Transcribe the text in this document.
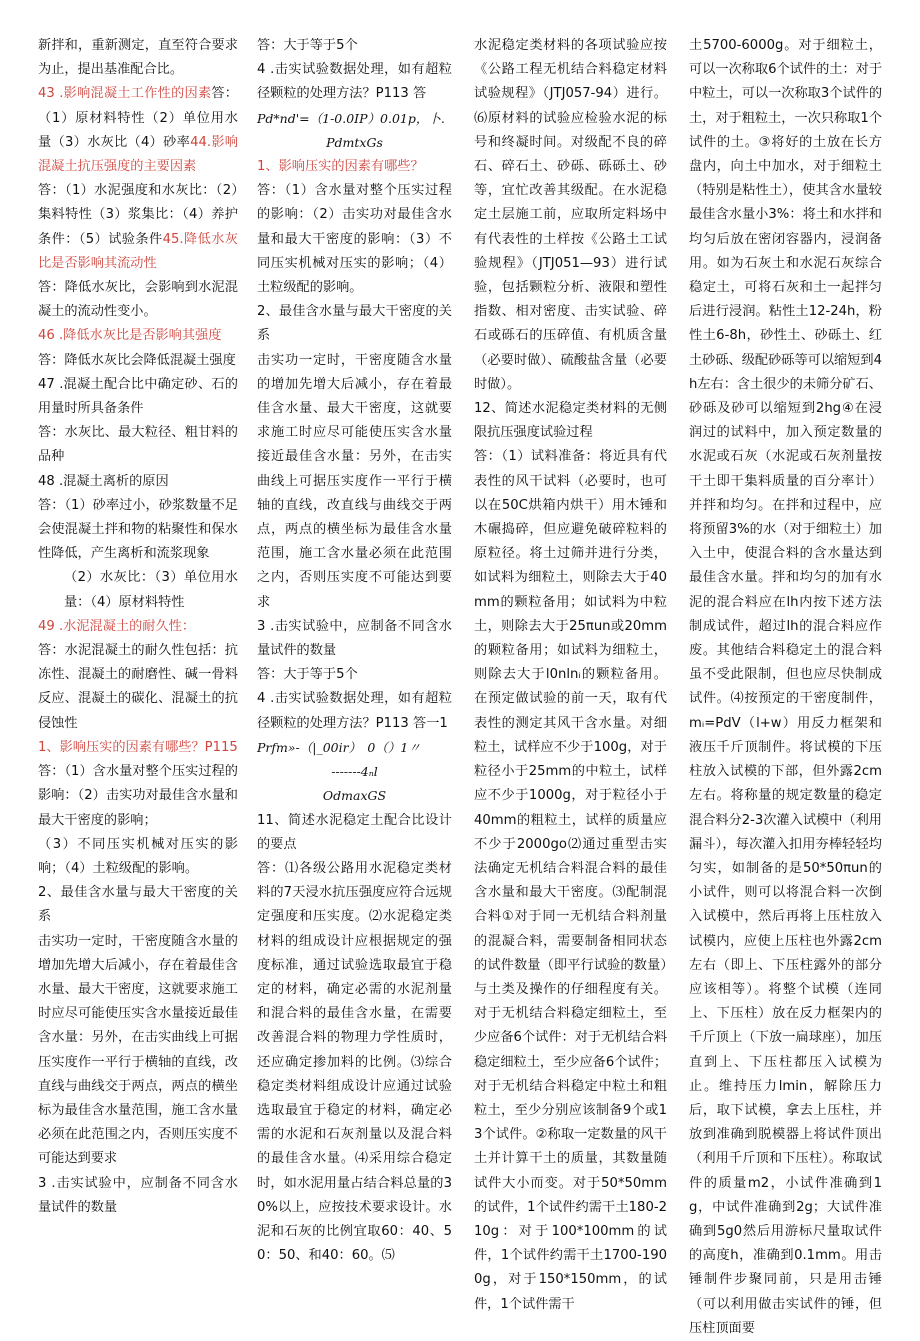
新拌和，重新测定，直至符合要求为止，提出基准配合比。

43 .影响混凝土工作性的因素答：（1）原材料特性（2）单位用水量（3）水灰比（4）砂率44.影响混凝土抗压强度的主要因素

答：（1）水泥强度和水灰比：（2）集料特性（3）浆集比：（4）养护条件：（5）试验条件45.降低水灰比是否影响其流动性

答：降低水灰比，会影响到水泥混凝土的流动性变小。

46 .降低水灰比是否影响其强度

答：降低水灰比会降低混凝土强度

47 .混凝土配合比中确定砂、石的用量时所具备条件

答：水灰比、最大粒径、粗甘料的品种

48 .混凝土离析的原因

答：（1）砂率过小，砂浆数量不足会使混凝土拌和物的粘聚性和保水性降低，产生离析和流浆现象

（2）水灰比：（3）单位用水量：（4）原材料特性

49 .水泥混凝土的耐久性：

答：水泥混凝土的耐久性包括：抗冻性、混凝土的耐磨性、碱一骨料反应、混凝土的碳化、混凝土的抗侵蚀性

1、影响压实的因素有哪些？P115

答：（1）含水量对整个压实过程的影响：（2）击实功对最佳含水量和最大干密度的影响；

（3）不同压实机械对压实的影响；（4）土粒级配的影响。

2、最佳含水量与最大干密度的关系

击实功一定时，干密度随含水量的增加先增大后减小，存在着最佳含水量、最大干密度，这就要求施工时应尽可能使压实含水量接近最佳含水量：另外，在击实曲线上可据压实度作一平行于横轴的直线，改直线与曲线交于两点，两点的横坐标为最佳含水量范围，施工含水量必须在此范围之内，否则压实度不可能达到要求

3 .击实试验中，应制备不同含水量试件的数量

答：大于等于5个

4 .击实试验数据处理，如有超粒径颗粒的处理方法？P113 答

Pd*nd'=（1-0.0IP）0.01p，卜.

PdmtxGs

1、影响压实的因素有哪些？

答：（1）含水量对整个压实过程的影响：（2）击实功对最佳含水量和最大干密度的影响：（3）不同压实机械对压实的影响；（4）土粒级配的影响。

2、最佳含水量与最大干密度的关系

击实功一定时，干密度随含水量的增加先增大后减小，存在着最佳含水量、最大干密度，这就要求施工时应尽可能使压实含水量接近最佳含水量：另外，在击实曲线上可据压实度作一平行于横轴的直线，改直线与曲线交于两点，两点的横坐标为最佳含水量范围，施工含水量必须在此范围之内，否则压实度不可能达到要求

3 .击实试验中，应制备不同含水量试件的数量

答：大于等于5个

4 .击实试验数据处理，如有超粒径颗粒的处理方法？P113 答一1

Prfm»-（|_00ir）　0（）1〃

-------4ₙl

OdmaxGS

11、简述水泥稳定土配合比设计的要点

答：⑴各级公路用水泥稳定类材料的7天浸水抗压强度应符合远规定强度和压实度。⑵水泥稳定类材料的组成设计应根据规定的强度标准，通过试验选取最宜于稳定的材料，确定必需的水泥剂量和混合料的最佳含水量，在需要改善混合料的物理力学性质时，还应确定掺加料的比例。⑶综合稳定类材料组成设计应通过试验选取最宜于稳定的材料，确定必需的水泥和石灰剂量以及混合料的最佳含水量。⑷采用综合稳定时，如水泥用量占结合料总量的30%以上，应按技术要求设计。水泥和石灰的比例宜取60：40、50：50、和40：60。⑸

水泥稳定类材料的各项试验应按《公路工程无机结合料稳定材料试验规程》（JTJ057-94）进行。⑹原材料的试验应检验水泥的标号和终凝时间。对级配不良的碎石、碎石土、砂砾、砾砾土、砂等，宜忙改善其级配。在水泥稳定土层施工前，应取所定料场中有代表性的土样按《公路土工试验规程》（JTJ051—93）进行试验，包括颗粒分析、液限和塑性指数、相对密度、击实试验、碎石或砾石的压碎值、有机质含量（必要时做）、硫酸盐含量（必要时做）。

12、简述水泥稳定类材料的无侧限抗压强度试验过程

答：（1）试料准备：将近具有代表性的风干试料（必要时，也可以在50C烘箱内烘干）用木锤和木碾捣碎，但应避免破碎粒料的原粒径。将土过筛并进行分类，如试料为细粒土，则除去大于40mm的颗粒备用；如试料为中粒土，则除去大于25πun或20mm的颗粒备用；如试料为细粒土，则除去大于l0nlnᵢ的颗粒备用。在预定做试验的前一天，取有代表性的测定其风干含水量。对细粒土，试样应不少于100g，对于粒径小于25mm的中粒土，试样应不少于1000g，对于粒径小于40mm的粗粒土，试样的质量应不少于2000go⑵通过重型击实法确定无机结合料混合料的最佳含水量和最大干密度。⑶配制混合料①对于同一无机结合料剂量的混凝合料，需要制备相同状态的试件数量（即平行试验的数量）与土类及操作的仔细程度有关。对于无机结合料稳定细粒土，至少应备6个试件：对于无机结合料稳定细粒土，至少应备6个试件；对于无机结合料稳定中粒土和粗粒土，至少分别应该制备9个或13个试件。②称取一定数量的风干土并计算干土的质量，其数量随试件大小而变。对于50*50mm的试件，1个试件约需干土180-210g：对于100*100mm的试件，1个试件约需干土1700-1900g，对于150*150mm，的试件，1个试件需干

土5700-6000g。对于细粒土，可以一次称取6个试件的土：对于中粒土，可以一次称取3个试件的土，对于粗粒土，一次只称取1个试件的土。③将好的土放在长方盘内，向土中加水，对于细粒土（特别是粘性土），使其含水量较最佳含水量小3%：将土和水拌和均匀后放在密闭容器内，浸润备用。如为石灰土和水泥石灰综合稳定土，可将石灰和土一起拌匀后进行浸润。粘性土12-24h，粉性土6-8h，砂性土、砂砾土、红土砂砾、级配砂砾等可以缩短到4h左右：含土很少的未筛分矿石、砂砾及砂可以缩短到2hg④在浸润过的试料中，加入预定数量的水泥或石灰（水泥或石灰剂量按干土即干集料质量的百分率计）并拌和均匀。在拌和过程中，应将预留3%的水（对于细粒土）加入土中，使混合料的含水量达到最佳含水量。拌和均匀的加有水泥的混合料应在lh内按下述方法制成试件，超过lh的混合料应作废。其他结合料稳定土的混合料虽不受此限制，但也应尽快制成试件。⑷按预定的干密度制件，mᵢ=PdV（l+w）用反力框架和液压千斤顶制件。将试模的下压柱放入试模的下部，但外露2cm左右。将称量的规定数量的稳定混合料分2-3次灌入试模中（利用漏斗），每次灌入扣用夯棒轻轻均匀实，如制备的是50*50πun的小试件，则可以将混合料一次倒入试模中，然后再将上压柱放入试模内，应使上压柱也外露2cm左右（即上、下压柱露外的部分应该相等）。将整个试模（连同上、下压柱）放在反力框架内的千斤顶上（下放一扁球座），加压直到上、下压柱都压入试模为止。维持压力lmin，解除压力后，取下试模，拿去上压柱，并放到准确到脱模器上将试件顶出（利用千斤顶和下压柱）。称取试件的质量m2，小试件准确到1g，中试件准确到2g；大试件准确到5g0然后用游标尺量取试件的高度h，准确到0.1mm。用击锤制件步聚同前，只是用击锤（可以利用做击实试件的锤，但压柱顶面要
